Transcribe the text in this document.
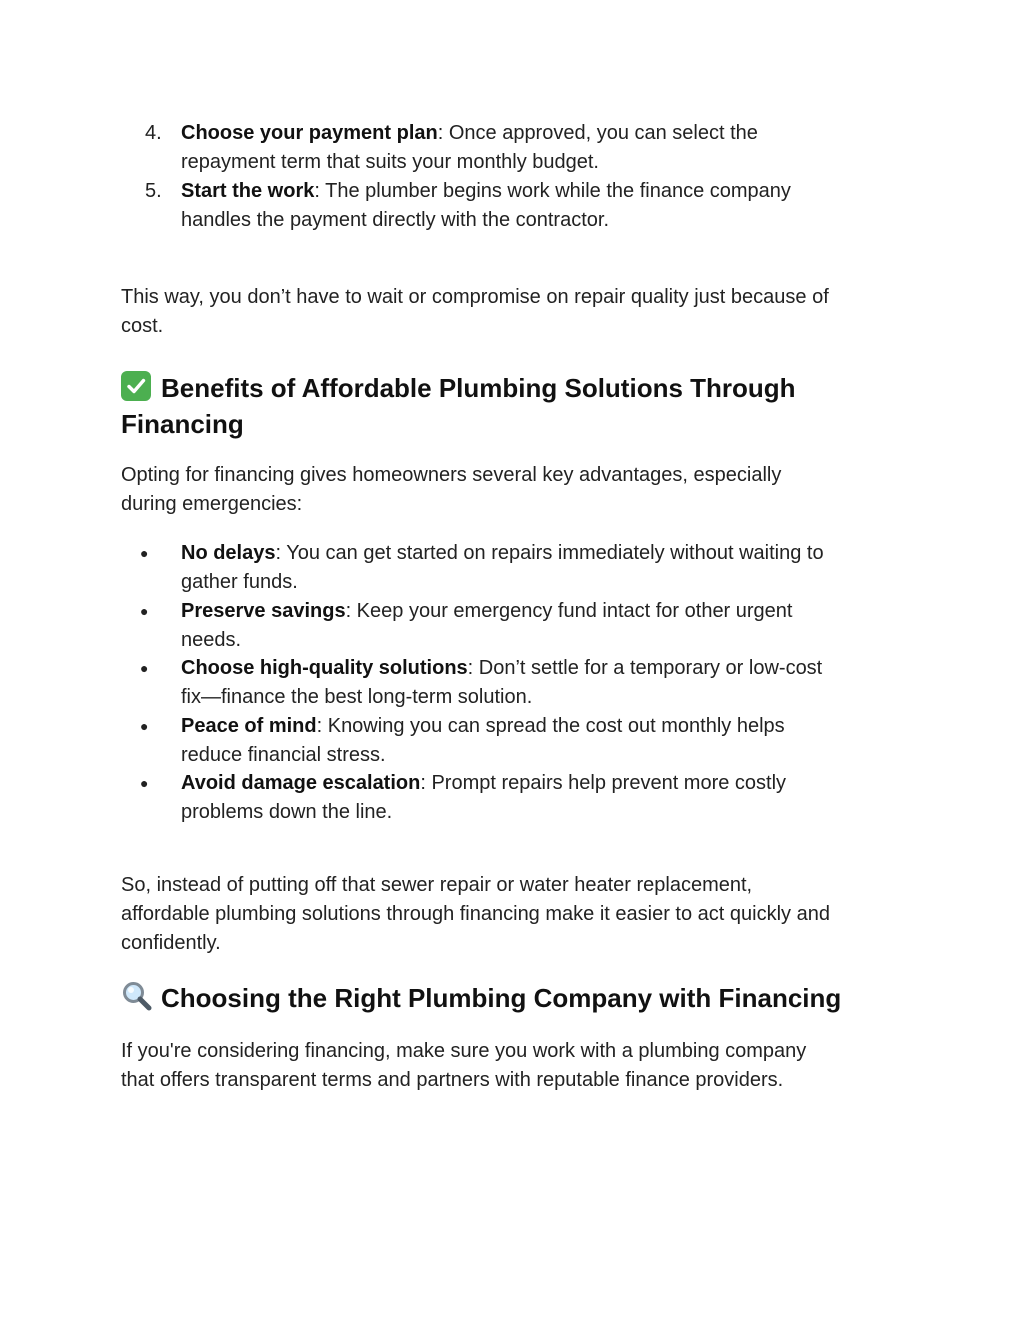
4. Choose your payment plan: Once approved, you can select the
repayment term that suits your monthly budget.
5. Start the work: The plumber begins work while the finance company
handles the payment directly with the contractor.
This way, you don’t have to wait or compromise on repair quality just because of
cost.
Benefits of Affordable Plumbing Solutions Through
Financing
Opting for financing gives homeowners several key advantages, especially
during emergencies:
● No delays: You can get started on repairs immediately without waiting to
gather funds.
● Preserve savings: Keep your emergency fund intact for other urgent
needs.
● Choose high-quality solutions: Don’t settle for a temporary or low-cost
fix—finance the best long-term solution.
● Peace of mind: Knowing you can spread the cost out monthly helps
reduce financial stress.
● Avoid damage escalation: Prompt repairs help prevent more costly
problems down the line.
So, instead of putting off that sewer repair or water heater replacement,
affordable plumbing solutions through financing make it easier to act quickly and
confidently.
Choosing the Right Plumbing Company with Financing
If you're considering financing, make sure you work with a plumbing company
that offers transparent terms and partners with reputable finance providers.
